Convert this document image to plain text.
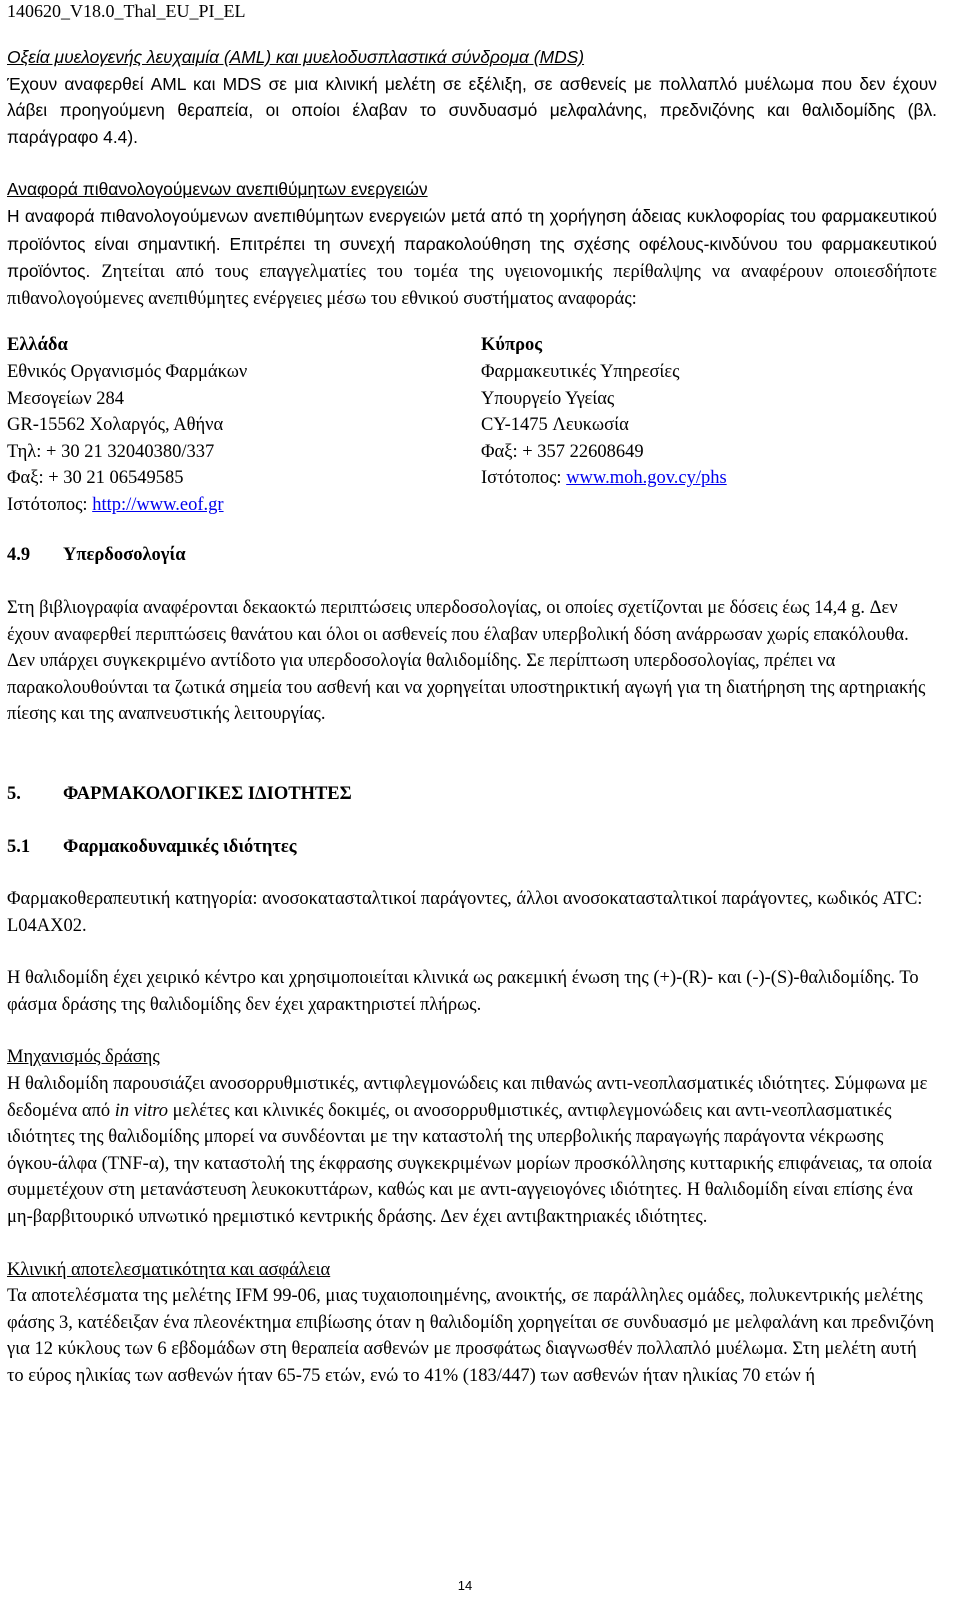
140620_V18.0_Thal_EU_PI_EL
Οξεία μυελογενής λευχαιμία (AML) και μυελοδυσπλαστικά σύνδρομα (MDS)

Έχουν αναφερθεί AML και MDS σε μια κλινική μελέτη σε εξέλιξη, σε ασθενείς με πολλαπλό μυέλωμα που δεν έχουν λάβει προηγούμενη θεραπεία, οι οποίοι έλαβαν το συνδυασμό μελφαλάνης, πρεδνιζόνης και θαλιδομίδης (βλ. παράγραφο 4.4).

Αναφορά πιθανολογούμενων ανεπιθύμητων ενεργειών

Η αναφορά πιθανολογούμενων ανεπιθύμητων ενεργειών μετά από τη χορήγηση άδειας κυκλοφορίας του φαρμακευτικού προϊόντος είναι σημαντική. Επιτρέπει τη συνεχή παρακολούθηση της σχέσης οφέλους-κινδύνου του φαρμακευτικού προϊόντος. Ζητείται από τους επαγγελματίες του τομέα της υγειονομικής περίθαλψης να αναφέρουν οποιεσδήποτε πιθανολογούμενες ανεπιθύμητες ενέργειες μέσω του εθνικού συστήματος αναφοράς:

Ελλάδα
Εθνικός Οργανισμός Φαρμάκων
Μεσογείων 284
GR-15562 Χολαργός, Αθήνα
Τηλ: + 30 21 32040380/337
Φαξ: + 30 21 06549585
Ιστότοπος: http://www.eof.gr
Κύπρος
Φαρμακευτικές Υπηρεσίες
Υπουργείο Υγείας
CY-1475 Λευκωσία
Φαξ: + 357 22608649
Ιστότοπος: www.moh.gov.cy/phs
4.9	Υπερδοσολογία

Στη βιβλιογραφία αναφέρονται δεκαοκτώ περιπτώσεις υπερδοσολογίας, οι οποίες σχετίζονται με δόσεις έως 14,4 g. Δεν έχουν αναφερθεί περιπτώσεις θανάτου και όλοι οι ασθενείς που έλαβαν υπερβολική δόση ανάρρωσαν χωρίς επακόλουθα. Δεν υπάρχει συγκεκριμένο αντίδοτο για υπερδοσολογία θαλιδομίδης. Σε περίπτωση υπερδοσολογίας, πρέπει να παρακολουθούνται τα ζωτικά σημεία του ασθενή και να χορηγείται υποστηρικτική αγωγή για τη διατήρηση της αρτηριακής πίεσης και της αναπνευστικής λειτουργίας.

5.	ΦΑΡΜΑΚΟΛΟΓΙΚΕΣ ΙΔΙΟΤΗΤΕΣ
5.1	Φαρμακοδυναμικές ιδιότητες

Φαρμακοθεραπευτική κατηγορία: ανοσοκατασταλτικοί παράγοντες, άλλοι ανοσοκατασταλτικοί παράγοντες, κωδικός ATC: L04AX02.

Η θαλιδομίδη έχει χειρικό κέντρο και χρησιμοποιείται κλινικά ως ρακεμική ένωση της (+)-(R)- και (-)-(S)-θαλιδομίδης. Το φάσμα δράσης της θαλιδομίδης δεν έχει χαρακτηριστεί πλήρως.

Μηχανισμός δράσης

Η θαλιδομίδη παρουσιάζει ανοσορρυθμιστικές, αντιφλεγμονώδεις και πιθανώς αντι-νεοπλασματικές ιδιότητες. Σύμφωνα με δεδομένα από in vitro μελέτες και κλινικές δοκιμές, οι ανοσορρυθμιστικές, αντιφλεγμονώδεις και αντι-νεοπλασματικές ιδιότητες της θαλιδομίδης μπορεί να συνδέονται με την καταστολή της υπερβολικής παραγωγής παράγοντα νέκρωσης όγκου-άλφα (TNF-α), την καταστολή της έκφρασης συγκεκριμένων μορίων προσκόλλησης κυτταρικής επιφάνειας, τα οποία συμμετέχουν στη μετανάστευση λευκοκυττάρων, καθώς και με αντι-αγγειογόνες ιδιότητες. Η θαλιδομίδη είναι επίσης ένα μη-βαρβιτουρικό υπνωτικό ηρεμιστικό κεντρικής δράσης. Δεν έχει αντιβακτηριακές ιδιότητες.

Κλινική αποτελεσματικότητα και ασφάλεια

Τα αποτελέσματα της μελέτης IFM 99-06, μιας τυχαιοποιημένης, ανοικτής, σε παράλληλες ομάδες, πολυκεντρικής μελέτης φάσης 3, κατέδειξαν ένα πλεονέκτημα επιβίωσης όταν η θαλιδομίδη χορηγείται σε συνδυασμό με μελφαλάνη και πρεδνιζόνη για 12 κύκλους των 6 εβδομάδων στη θεραπεία ασθενών με προσφάτως διαγνωσθέν πολλαπλό μυέλωμα. Στη μελέτη αυτή το εύρος ηλικίας των ασθενών ήταν 65-75 ετών, ενώ το 41% (183/447) των ασθενών ήταν ηλικίας 70 ετών ή

14
